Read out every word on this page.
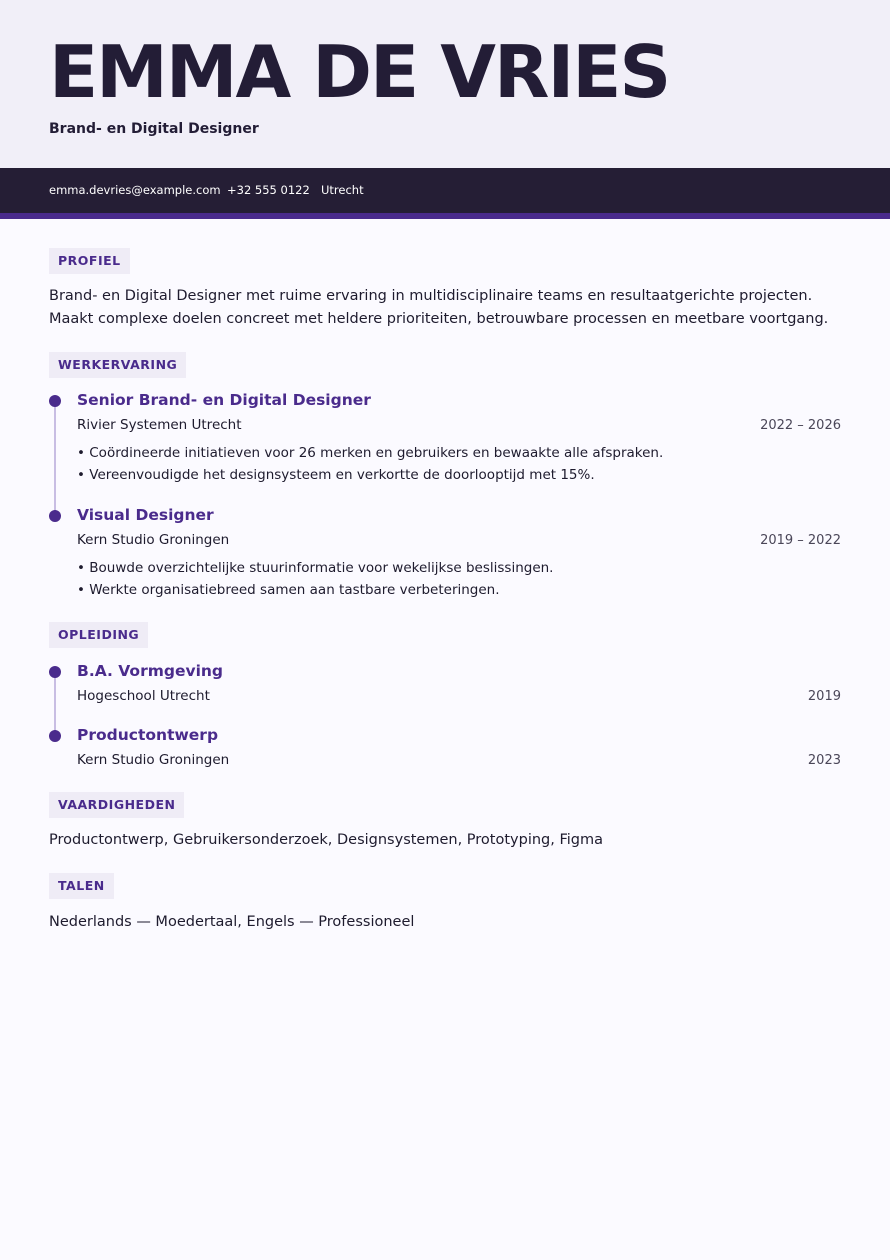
EMMA DE VRIES
Brand- en Digital Designer
emma.devries@example.com +32 555 0122 Utrecht
PROFIEL
Brand- en Digital Designer met ruime ervaring in multidisciplinaire teams en resultaatgerichte projecten. Maakt complexe doelen concreet met heldere prioriteiten, betrouwbare processen en meetbare voortgang.
WERKERVARING
Senior Brand- en Digital Designer
Rivier Systemen Utrecht	2022 – 2026
• Coördineerde initiatieven voor 26 merken en gebruikers en bewaakte alle afspraken.
• Vereenvoudigde het designsysteem en verkortte de doorlooptijd met 15%.
Visual Designer
Kern Studio Groningen	2019 – 2022
• Bouwde overzichtelijke stuurinformatie voor wekelijkse beslissingen.
• Werkte organisatiebreed samen aan tastbare verbeteringen.
OPLEIDING
B.A. Vormgeving
Hogeschool Utrecht	2019
Productontwerp
Kern Studio Groningen	2023
VAARDIGHEDEN
Productontwerp, Gebruikersonderzoek, Designsystemen, Prototyping, Figma
TALEN
Nederlands — Moedertaal, Engels — Professioneel
